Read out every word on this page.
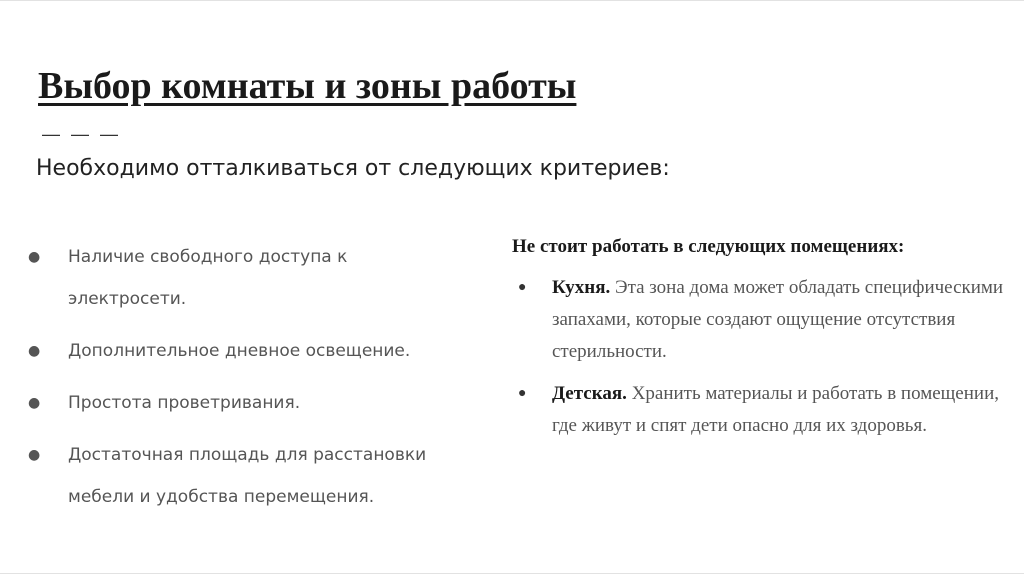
Выбор комнаты и зоны работы
— — —
Необходимо отталкиваться от следующих критериев:
●	Наличие свободного доступа к электросети.
●	Дополнительное дневное освещение.
●	Простота проветривания.
●	Достаточная площадь для расстановки мебели и удобства перемещения.
Не стоит работать в следующих помещениях:
●	Кухня. Эта зона дома может обладать специфическими запахами, которые создают ощущение отсутствия стерильности.
●	Детская. Хранить материалы и работать в помещении, где живут и спят дети опасно для их здоровья.
